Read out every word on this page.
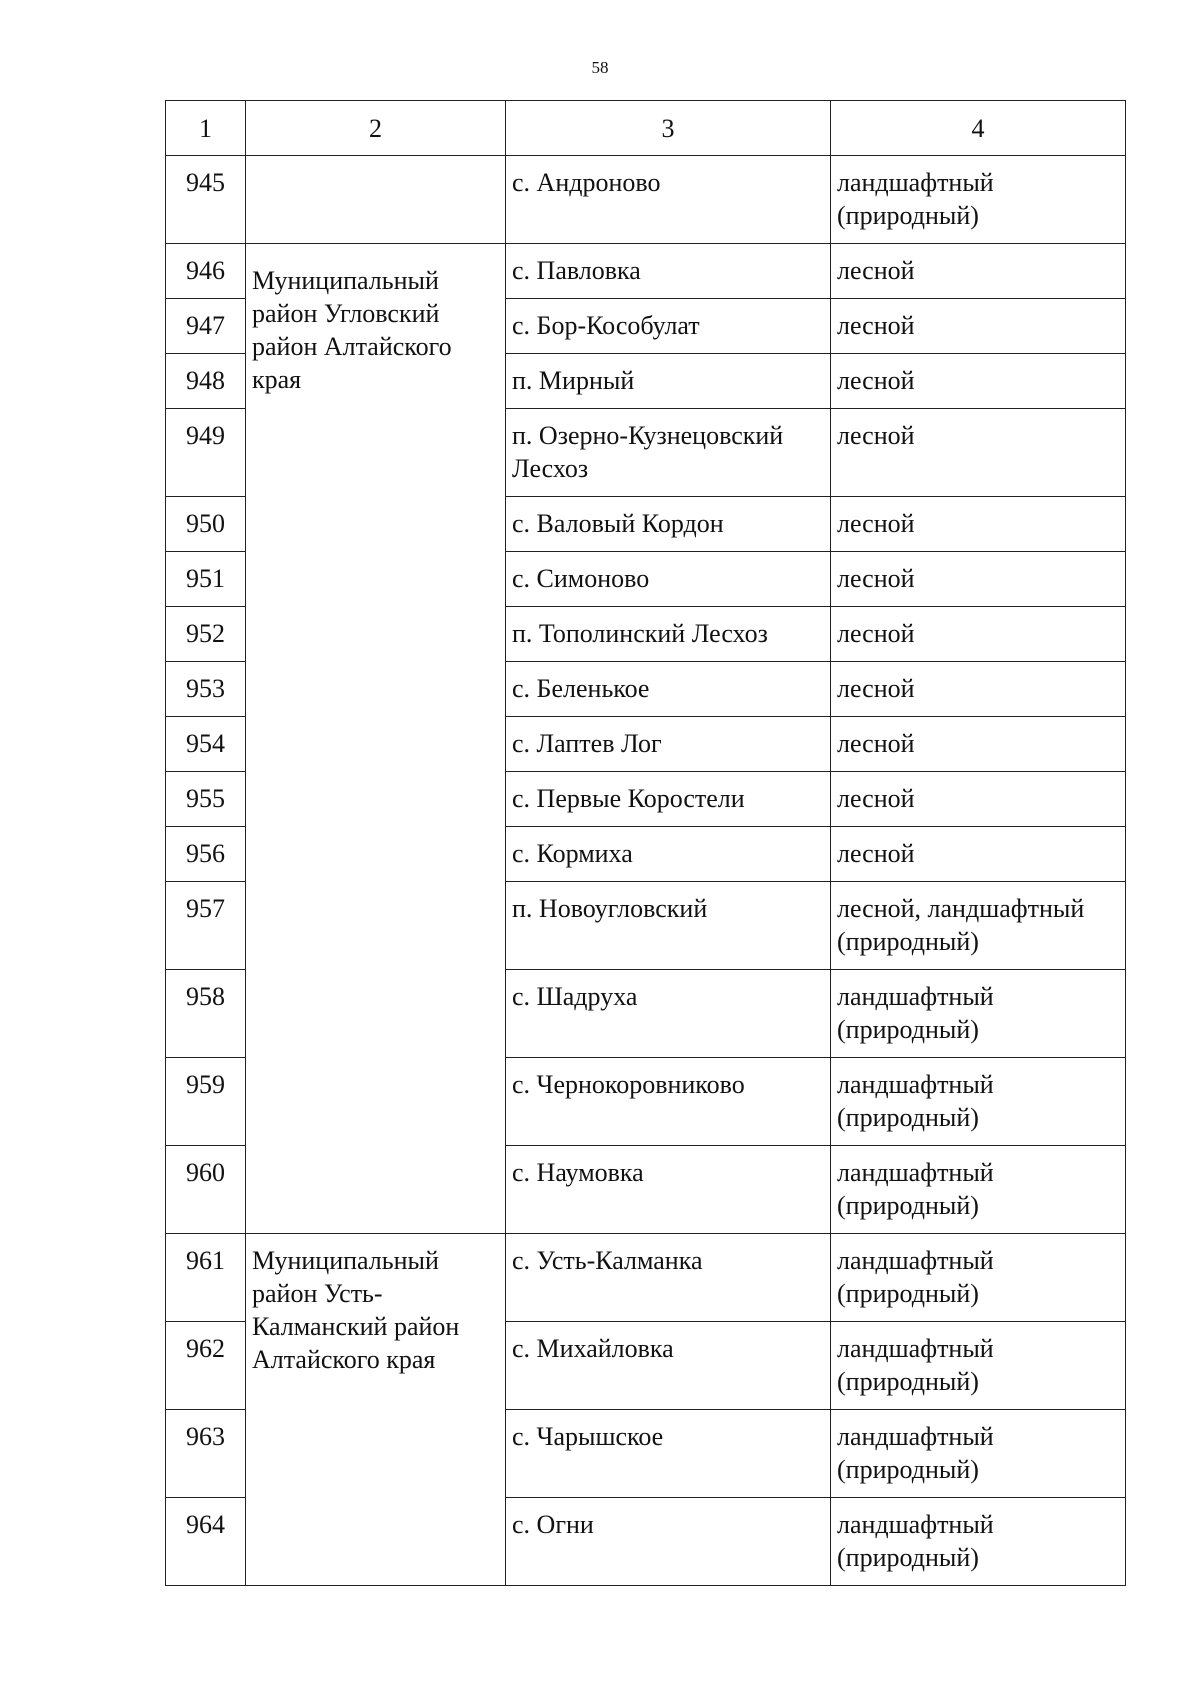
58
1	2	3	4
945		с. Андроново	ландшафтный (природный)
946	Муниципальный район Угловский район Алтайского края	с. Павловка	лесной
947		с. Бор-Кособулат	лесной
948		п. Мирный	лесной
949		п. Озерно-Кузнецовский Лесхоз	лесной
950		с. Валовый Кордон	лесной
951		с. Симоново	лесной
952		п. Тополинский Лесхоз	лесной
953		с. Беленькое	лесной
954		с. Лаптев Лог	лесной
955		с. Первые Коростели	лесной
956		с. Кормиха	лесной
957		п. Новоугловский	лесной, ландшафтный (природный)
958		с. Шадруха	ландшафтный (природный)
959		с. Чернокоровниково	ландшафтный (природный)
960		с. Наумовка	ландшафтный (природный)
961	Муниципальный район Усть-Калманский район Алтайского края	с. Усть-Калманка	ландшафтный (природный)
962		с. Михайловка	ландшафтный (природный)
963		с. Чарышское	ландшафтный (природный)
964		с. Огни	ландшафтный (природный)
